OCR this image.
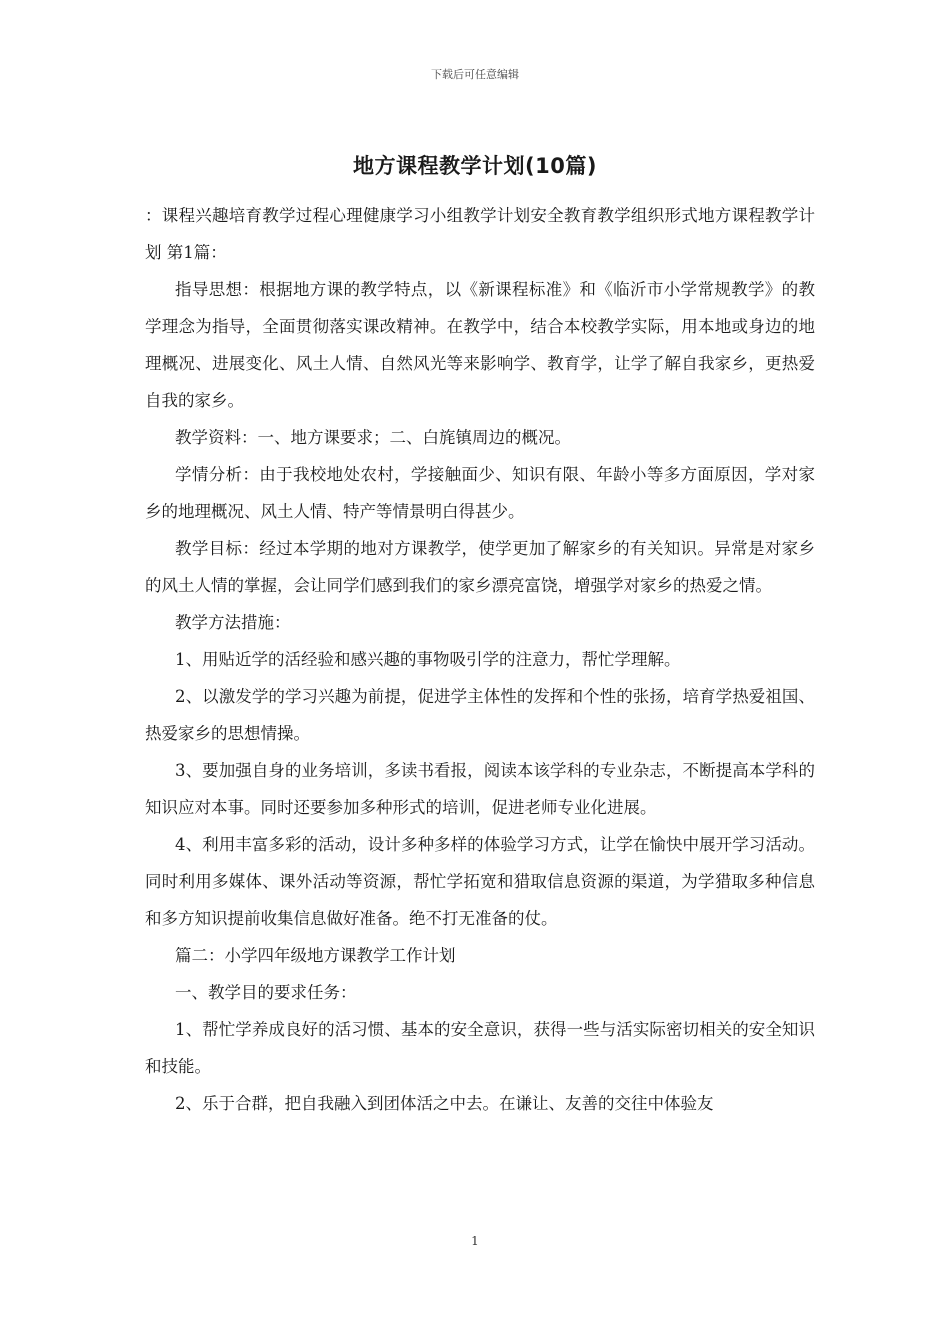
下载后可任意编辑
地方课程教学计划(10篇)

：课程兴趣培育教学过程心理健康学习小组教学计划安全教育教学组织形式地方课程教学计划 第1篇：

指导思想：根据地方课的教学特点，以《新课程标准》和《临沂市小学常规教学》的教学理念为指导，全面贯彻落实课改精神。在教学中，结合本校教学实际，用本地或身边的地理概况、进展变化、风土人情、自然风光等来影响学、教育学，让学了解自我家乡，更热爱自我的家乡。

教学资料：一、地方课要求；二、白旄镇周边的概况。

学情分析：由于我校地处农村，学接触面少、知识有限、年龄小等多方面原因，学对家乡的地理概况、风土人情、特产等情景明白得甚少。

教学目标：经过本学期的地对方课教学，使学更加了解家乡的有关知识。异常是对家乡的风土人情的掌握，会让同学们感到我们的家乡漂亮富饶，增强学对家乡的热爱之情。

教学方法措施：

1、用贴近学的活经验和感兴趣的事物吸引学的注意力，帮忙学理解。

2、以激发学的学习兴趣为前提，促进学主体性的发挥和个性的张扬，培育学热爱祖国、热爱家乡的思想情操。

3、要加强自身的业务培训，多读书看报，阅读本该学科的专业杂志，不断提高本学科的知识应对本事。同时还要参加多种形式的培训，促进老师专业化进展。

4、利用丰富多彩的活动，设计多种多样的体验学习方式，让学在愉快中展开学习活动。同时利用多媒体、课外活动等资源，帮忙学拓宽和猎取信息资源的渠道，为学猎取多种信息和多方知识提前收集信息做好准备。绝不打无准备的仗。

篇二：小学四年级地方课教学工作计划

一、教学目的要求任务：

1、帮忙学养成良好的活习惯、基本的安全意识，获得一些与活实际密切相关的安全知识和技能。

2、乐于合群，把自我融入到团体活之中去。在谦让、友善的交往中体验友

1
